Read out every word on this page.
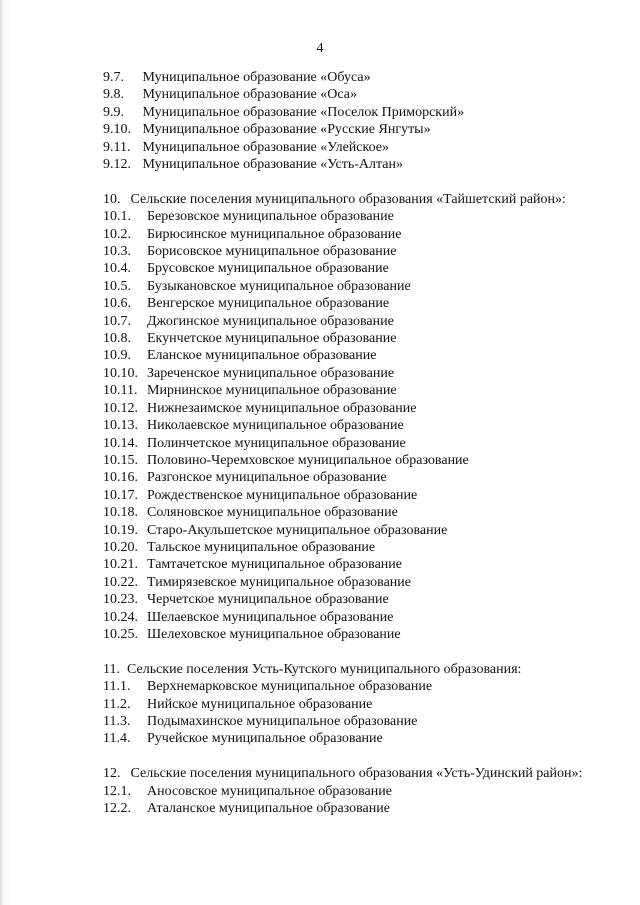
4
9.7. Муниципальное образование «Обуса»
9.8. Муниципальное образование «Оса»
9.9. Муниципальное образование «Поселок Приморский»
9.10. Муниципальное образование «Русские Янгуты»
9.11. Муниципальное образование «Улейское»
9.12. Муниципальное образование «Усть-Алтан»
10. Сельские поселения муниципального образования «Тайшетский район»:
10.1. Березовское муниципальное образование
10.2. Бирюсинское муниципальное образование
10.3. Борисовское муниципальное образование
10.4. Брусовское муниципальное образование
10.5. Бузыкановское муниципальное образование
10.6. Венгерское муниципальное образование
10.7. Джогинское муниципальное образование
10.8. Екунчетское муниципальное образование
10.9. Еланское муниципальное образование
10.10. Зареченское муниципальное образование
10.11. Мирнинское муниципальное образование
10.12. Нижнезаимское муниципальное образование
10.13. Николаевское муниципальное образование
10.14. Полинчетское муниципальное образование
10.15. Половино-Черемховское муниципальное образование
10.16. Разгонское муниципальное образование
10.17. Рождественское муниципальное образование
10.18. Соляновское муниципальное образование
10.19. Старо-Акульшетское муниципальное образование
10.20. Тальское муниципальное образование
10.21. Тамтачетское муниципальное образование
10.22. Тимирязевское муниципальное образование
10.23. Черчетское муниципальное образование
10.24. Шелаевское муниципальное образование
10.25. Шелеховское муниципальное образование
11. Сельские поселения Усть-Кутского муниципального образования:
11.1. Верхнемарковское муниципальное образование
11.2. Нийское муниципальное образование
11.3. Подымахинское муниципальное образование
11.4. Ручейское муниципальное образование
12. Сельские поселения муниципального образования «Усть-Удинский район»:
12.1. Аносовское муниципальное образование
12.2. Аталанское муниципальное образование
